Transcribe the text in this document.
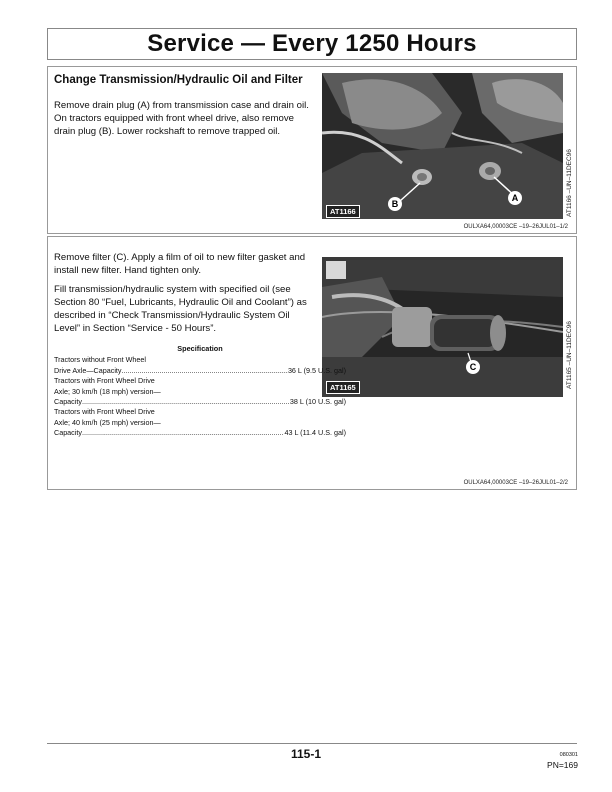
Service — Every 1250 Hours
Change Transmission/Hydraulic Oil and Filter
Remove drain plug (A) from transmission case and drain oil. On tractors equipped with front wheel drive, also remove drain plug (B). Lower rockshaft to remove trapped oil.
A
B
AT1166	AT1166 –UN–11DEC96
OULXA64,00003CE –19–26JUL01–1/2
Remove filter (C). Apply a film of oil to new filter gasket and install new filter. Hand tighten only.
Fill transmission/hydraulic system with specified oil (see Section 80 “Fuel, Lubricants, Hydraulic Oil and Coolant”) as described in “Check Transmission/Hydraulic System Oil Level” in Section “Service - 50 Hours”.
C
AT1165	AT1165 –UN–11DEC96
Specification
Tractors without Front Wheel
Drive Axle—Capacity .....	36 L (9.5 U.S. gal)
Tractors with Front Wheel Drive
Axle; 30 km/h (18 mph) version—
Capacity .....	38 L (10 U.S. gal)
Tractors with Front Wheel Drive
Axle; 40 km/h (25 mph) version—
Capacity .....	43 L (11.4 U.S. gal)
OULXA64,00003CE –19–26JUL01–2/2
115-1	080301
PN=169
